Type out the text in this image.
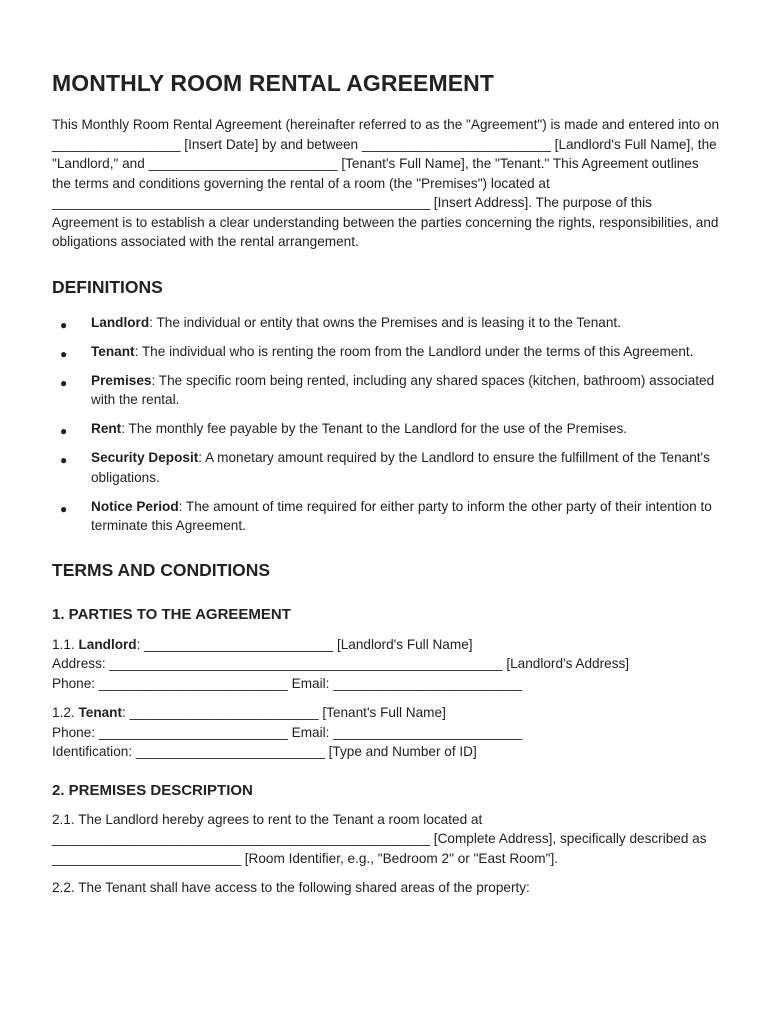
MONTHLY ROOM RENTAL AGREEMENT

This Monthly Room Rental Agreement (hereinafter referred to as the "Agreement") is made and entered into on _________________ [Insert Date] by and between _________________________ [Landlord's Full Name], the "Landlord," and _________________________ [Tenant's Full Name], the "Tenant." This Agreement outlines the terms and conditions governing the rental of a room (the "Premises") located at __________________________________________________ [Insert Address]. The purpose of this Agreement is to establish a clear understanding between the parties concerning the rights, responsibilities, and obligations associated with the rental arrangement.

DEFINITIONS
● Landlord: The individual or entity that owns the Premises and is leasing it to the Tenant.
● Tenant: The individual who is renting the room from the Landlord under the terms of this Agreement.
● Premises: The specific room being rented, including any shared spaces (kitchen, bathroom) associated with the rental.
● Rent: The monthly fee payable by the Tenant to the Landlord for the use of the Premises.
● Security Deposit: A monetary amount required by the Landlord to ensure the fulfillment of the Tenant's obligations.
● Notice Period: The amount of time required for either party to inform the other party of their intention to terminate this Agreement.
TERMS AND CONDITIONS
1. PARTIES TO THE AGREEMENT

1.1. Landlord: _________________________ [Landlord's Full Name]

Address: ____________________________________________________ [Landlord's Address]

Phone: _________________________ Email: _________________________

1.2. Tenant: _________________________ [Tenant's Full Name]

Phone: _________________________ Email: _________________________

Identification: _________________________ [Type and Number of ID]

2. PREMISES DESCRIPTION

2.1. The Landlord hereby agrees to rent to the Tenant a room located at __________________________________________________ [Complete Address], specifically described as _________________________ [Room Identifier, e.g., "Bedroom 2" or "East Room"].

2.2. The Tenant shall have access to the following shared areas of the property:
